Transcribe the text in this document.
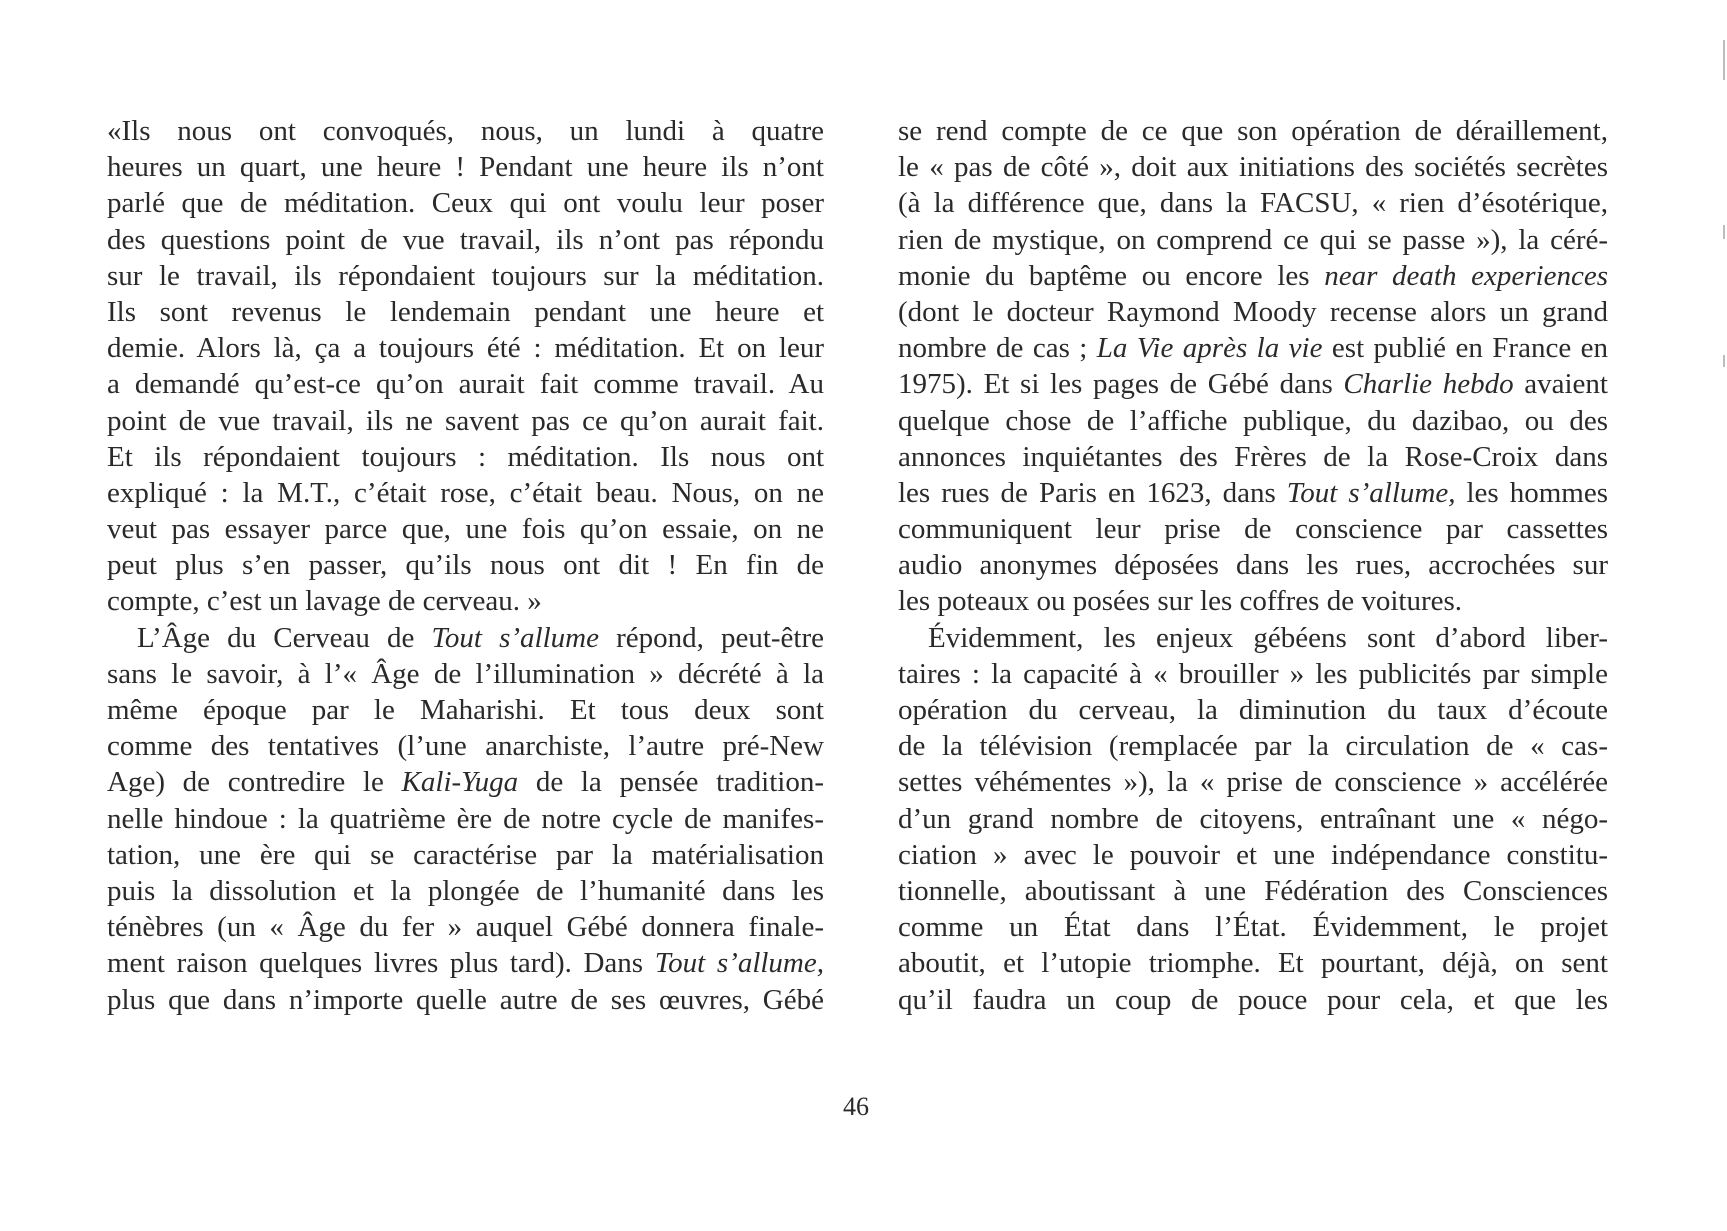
«Ils nous ont convoqués, nous, un lundi à quatre
heures un quart, une heure ! Pendant une heure ils n’ont
parlé que de méditation. Ceux qui ont voulu leur poser
des questions point de vue travail, ils n’ont pas répondu
sur le travail, ils répondaient toujours sur la méditation.
Ils sont revenus le lendemain pendant une heure et
demie. Alors là, ça a toujours été : méditation. Et on leur
a demandé qu’est-ce qu’on aurait fait comme travail. Au
point de vue travail, ils ne savent pas ce qu’on aurait fait.
Et ils répondaient toujours : méditation. Ils nous ont
expliqué : la M.T., c’était rose, c’était beau. Nous, on ne
veut pas essayer parce que, une fois qu’on essaie, on ne
peut plus s’en passer, qu’ils nous ont dit ! En fin de
compte, c’est un lavage de cerveau. »
L’Âge du Cerveau de Tout s’allume répond, peut-être
sans le savoir, à l’« Âge de l’illumination » décrété à la
même époque par le Maharishi. Et tous deux sont
comme des tentatives (l’une anarchiste, l’autre pré-New
Age) de contredire le Kali-Yuga de la pensée tradition-
nelle hindoue : la quatrième ère de notre cycle de manifes-
tation, une ère qui se caractérise par la matérialisation
puis la dissolution et la plongée de l’humanité dans les
ténèbres (un « Âge du fer » auquel Gébé donnera finale-
ment raison quelques livres plus tard). Dans Tout s’allume,
plus que dans n’importe quelle autre de ses œuvres, Gébé
se rend compte de ce que son opération de déraillement,
le « pas de côté », doit aux initiations des sociétés secrètes
(à la différence que, dans la FACSU, « rien d’ésotérique,
rien de mystique, on comprend ce qui se passe »), la céré-
monie du baptême ou encore les near death experiences
(dont le docteur Raymond Moody recense alors un grand
nombre de cas ; La Vie après la vie est publié en France en
1975). Et si les pages de Gébé dans Charlie hebdo avaient
quelque chose de l’affiche publique, du dazibao, ou des
annonces inquiétantes des Frères de la Rose-Croix dans
les rues de Paris en 1623, dans Tout s’allume, les hommes
communiquent leur prise de conscience par cassettes
audio anonymes déposées dans les rues, accrochées sur
les poteaux ou posées sur les coffres de voitures.
Évidemment, les enjeux gébéens sont d’abord liber-
taires : la capacité à « brouiller » les publicités par simple
opération du cerveau, la diminution du taux d’écoute
de la télévision (remplacée par la circulation de « cas-
settes véhémentes »), la « prise de conscience » accélérée
d’un grand nombre de citoyens, entraînant une « négo-
ciation » avec le pouvoir et une indépendance constitu-
tionnelle, aboutissant à une Fédération des Consciences
comme un État dans l’État. Évidemment, le projet
aboutit, et l’utopie triomphe. Et pourtant, déjà, on sent
qu’il faudra un coup de pouce pour cela, et que les
46
